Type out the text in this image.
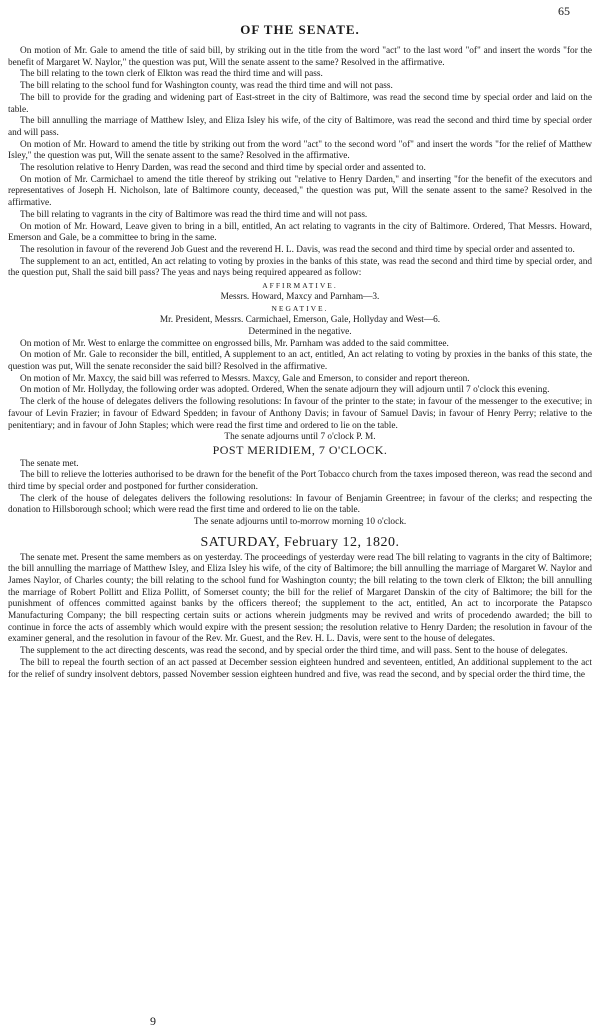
OF THE SENATE.
65

On motion of Mr. Gale to amend the title of said bill, by striking out in the title from the word "act" to the last word "of" and insert the words "for the benefit of Margaret W. Naylor," the question was put, Will the senate assent to the same? Resolved in the affirmative.

The bill relating to the town clerk of Elkton was read the third time and will pass.

The bill relating to the school fund for Washington county, was read the third time and will not pass.

The bill to provide for the grading and widening part of East-street in the city of Baltimore, was read the second time by special order and laid on the table.

The bill annulling the marriage of Matthew Isley, and Eliza Isley his wife, of the city of Baltimore, was read the second and third time by special order and will pass.

On motion of Mr. Howard to amend the title by striking out from the word "act" to the second word "of" and insert the words "for the relief of Matthew Isley," the question was put, Will the senate assent to the same? Resolved in the affirmative.

The resolution relative to Henry Darden, was read the second and third time by special order and assented to.

On motion of Mr. Carmichael to amend the title thereof by striking out "relative to Henry Darden," and inserting "for the benefit of the executors and representatives of Joseph H. Nicholson, late of Baltimore county, deceased," the question was put, Will the senate assent to the same? Resolved in the affirmative.

The bill relating to vagrants in the city of Baltimore was read the third time and will not pass.

On motion of Mr. Howard, Leave given to bring in a bill, entitled, An act relating to vagrants in the city of Baltimore. Ordered, That Messrs. Howard, Emerson and Gale, be a committee to bring in the same.

The resolution in favour of the reverend Job Guest and the reverend H. L. Davis, was read the second and third time by special order and assented to.

The supplement to an act, entitled, An act relating to voting by proxies in the banks of this state, was read the second and third time by special order, and the question put, Shall the said bill pass? The yeas and nays being required appeared as follow:

AFFIRMATIVE.

Messrs. Howard, Maxcy and Parnham—3.

NEGATIVE.

Mr. President, Messrs. Carmichael, Emerson, Gale, Hollyday and West—6.

Determined in the negative.

On motion of Mr. West to enlarge the committee on engrossed bills, Mr. Parnham was added to the said committee.

On motion of Mr. Gale to reconsider the bill, entitled, A supplement to an act, entitled, An act relating to voting by proxies in the banks of this state, the question was put, Will the senate reconsider the said bill? Resolved in the affirmative.

On motion of Mr. Maxcy, the said bill was referred to Messrs. Maxcy, Gale and Emerson, to consider and report thereon.

On motion of Mr. Hollyday, the following order was adopted. Ordered, When the senate adjourn they will adjourn until 7 o'clock this evening.

The clerk of the house of delegates delivers the following resolutions: In favour of the printer to the state; in favour of the messenger to the executive; in favour of Levin Frazier; in favour of Edward Spedden; in favour of Anthony Davis; in favour of Samuel Davis; in favour of Henry Perry; relative to the penitentiary; and in favour of John Staples; which were read the first time and ordered to lie on the table.

The senate adjourns until 7 o'clock P. M.

POST MERIDIEM, 7 O'CLOCK.

The senate met.

The bill to relieve the lotteries authorised to be drawn for the benefit of the Port Tobacco church from the taxes imposed thereon, was read the second and third time by special order and postponed for further consideration.

The clerk of the house of delegates delivers the following resolutions: In favour of Benjamin Greentree; in favour of the clerks; and respecting the donation to Hillsborough school; which were read the first time and ordered to lie on the table.

The senate adjourns until to-morrow morning 10 o'clock.

SATURDAY, February 12, 1820.

The senate met. Present the same members as on yesterday. The proceedings of yesterday were read The bill relating to vagrants in the city of Baltimore; the bill annulling the marriage of Matthew Isley, and Eliza Isley his wife, of the city of Baltimore; the bill annulling the marriage of Margaret W. Naylor and James Naylor, of Charles county; the bill relating to the school fund for Washington county; the bill relating to the town clerk of Elkton; the bill annulling the marriage of Robert Pollitt and Eliza Pollitt, of Somerset county; the bill for the relief of Margaret Danskin of the city of Baltimore; the bill for the punishment of offences committed against banks by the officers thereof; the supplement to the act, entitled, An act to incorporate the Patapsco Manufacturing Company; the bill respecting certain suits or actions wherein judgments may be revived and writs of procedendo awarded; the bill to continue in force the acts of assembly which would expire with the present session; the resolution relative to Henry Darden; the resolution in favour of the examiner general, and the resolution in favour of the Rev. Mr. Guest, and the Rev. H. L. Davis, were sent to the house of delegates.

The supplement to the act directing descents, was read the second, and by special order the third time, and will pass. Sent to the house of delegates.

The bill to repeal the fourth section of an act passed at December session eighteen hundred and seventeen, entitled, An additional supplement to the act for the relief of sundry insolvent debtors, passed November session eighteen hundred and five, was read the second, and by special order the third time, the

9
